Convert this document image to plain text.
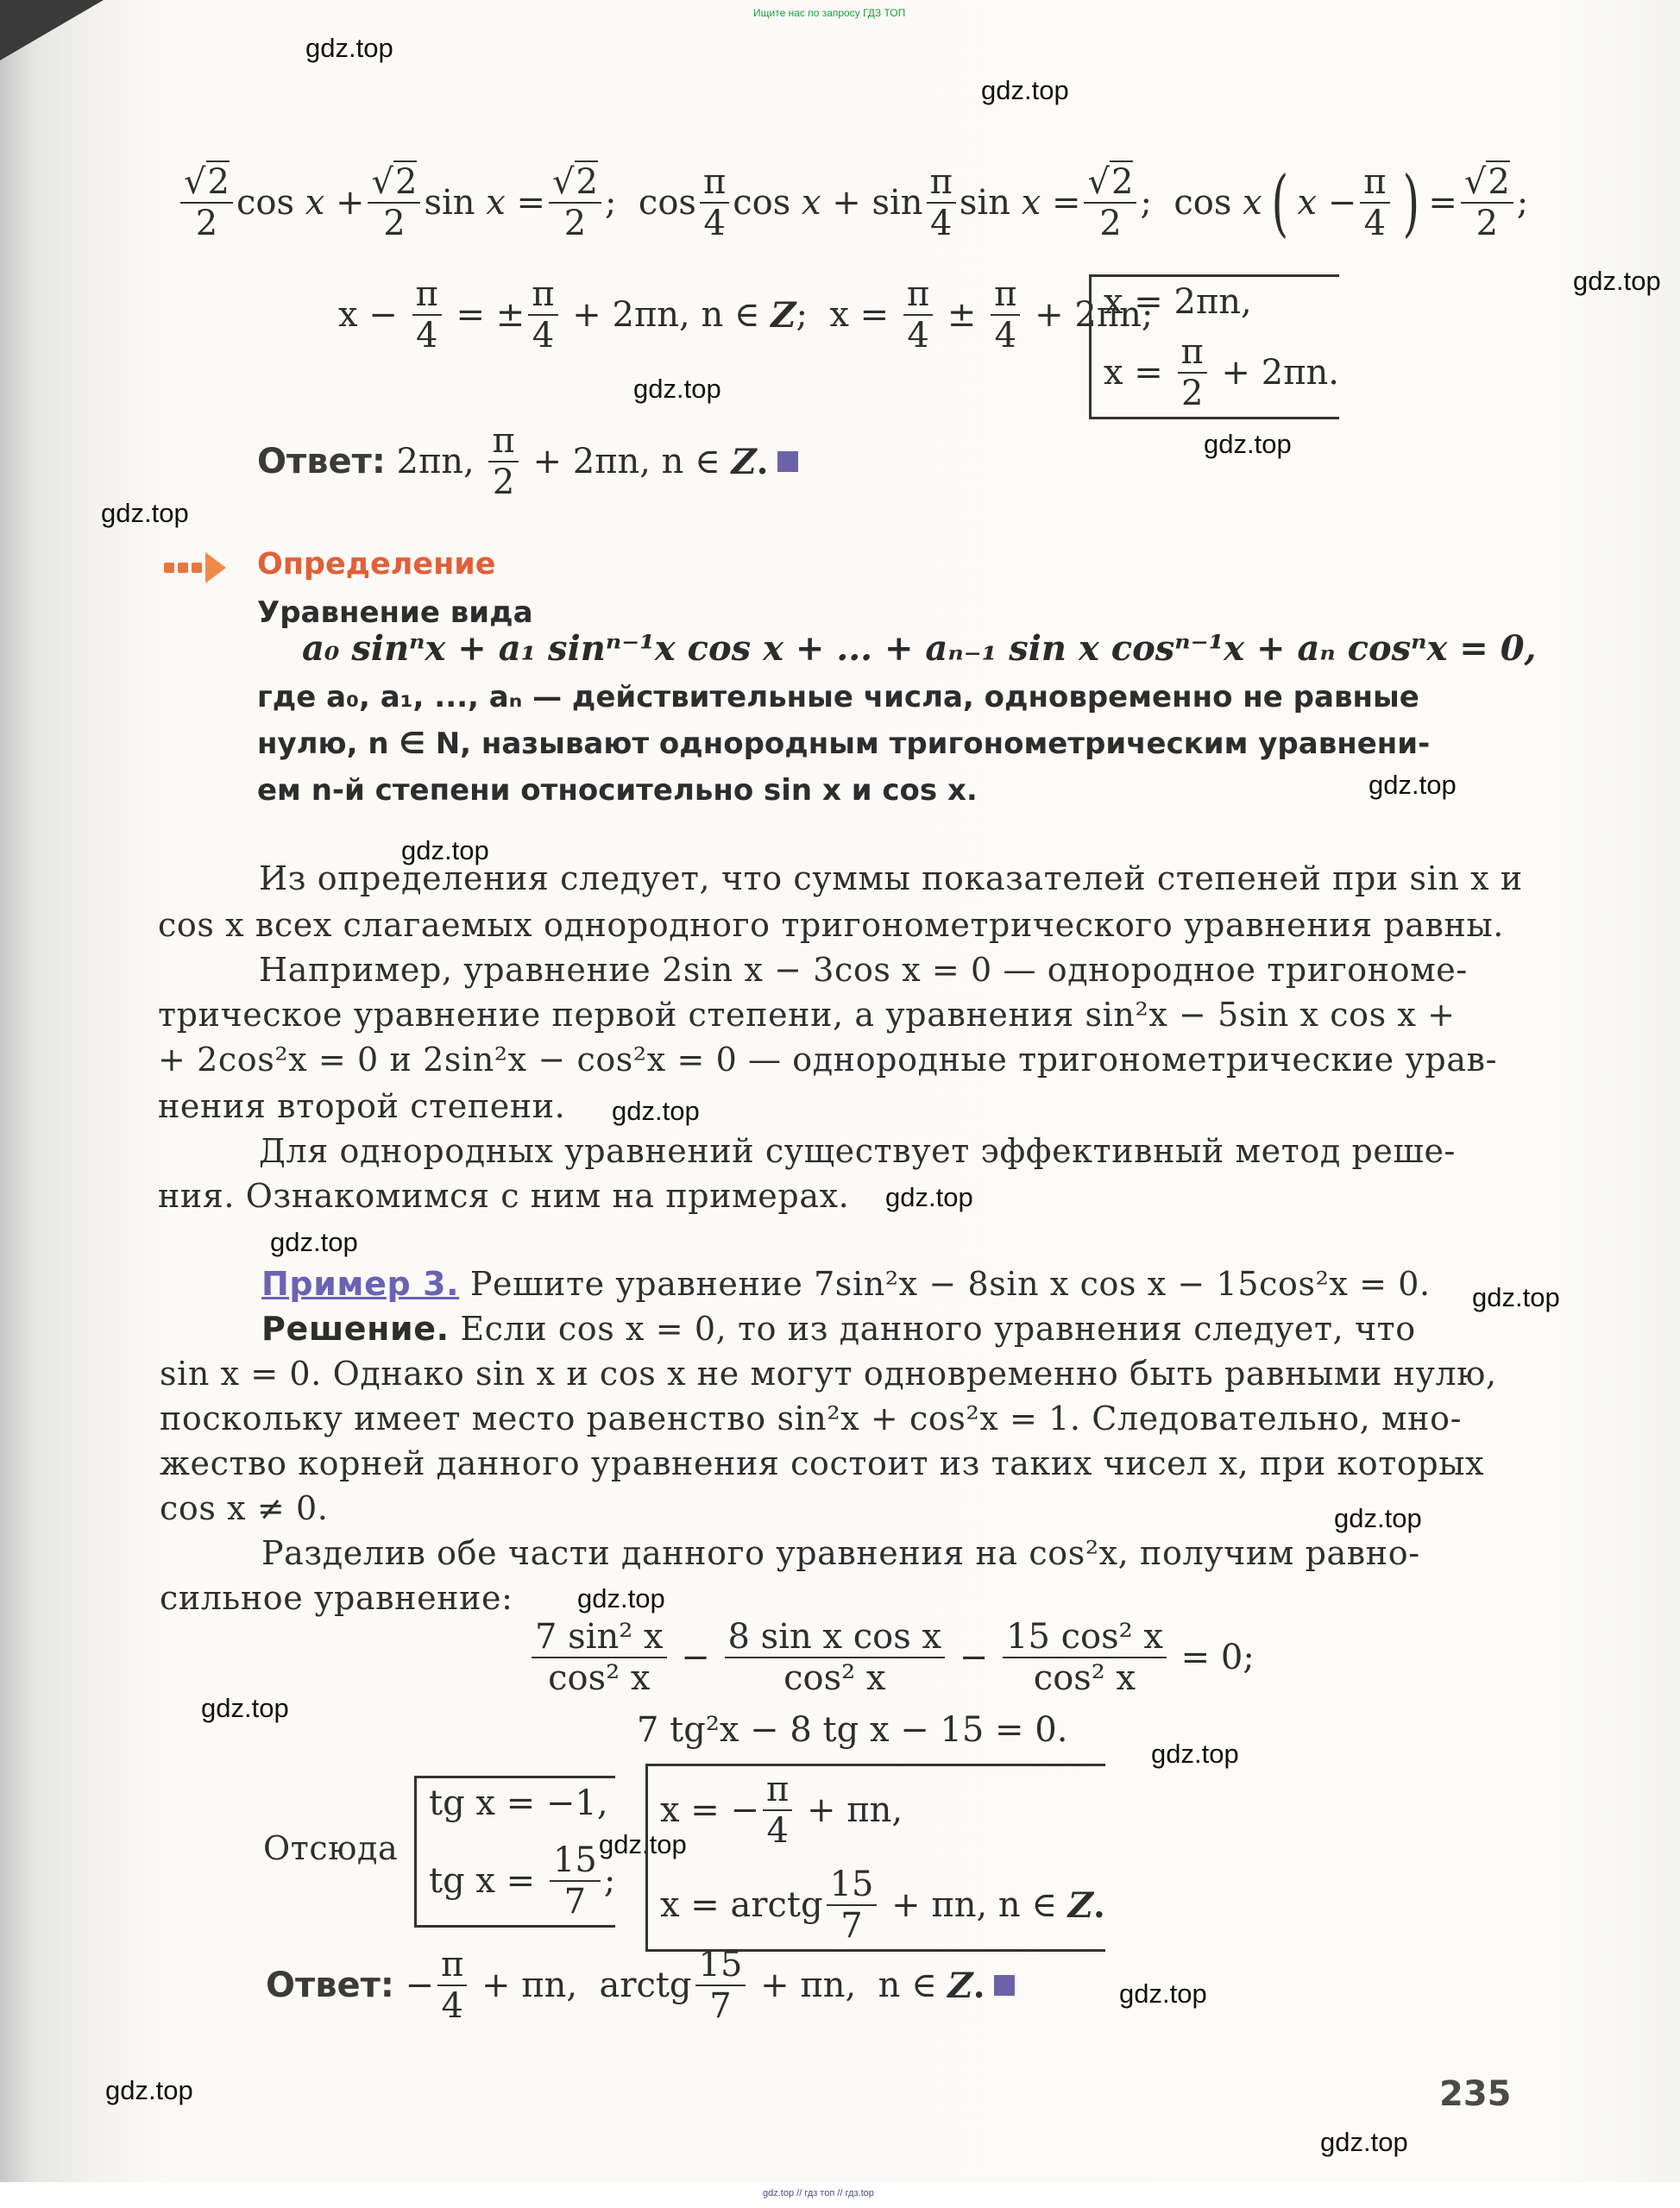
Ищите нас по запросу ГДЗ ТОП
gdz.top
gdz.top
gdz.top
gdz.top
gdz.top
gdz.top
gdz.top
gdz.top
gdz.top
gdz.top
gdz.top
gdz.top
gdz.top
gdz.top
gdz.top
gdz.top
gdz.top
gdz.top
gdz.top
gdz.top
√ $\frac{2}{2}$ cos
x
+ √ $\frac{2}{2}$ sin
x
= √ $\frac{2}{2}$ ;
$\cos \frac{\pi}{4}$ cos
x
+
$\sin \frac{\pi}{4}$ sin
x
= √ $\frac{2}{2}$ ;
cos
x ( x
− $\frac{\pi}{4}$ ) = √ $\frac{2}{2}$ ;
$x - \frac{\pi}{4}$ = ± $\frac{\pi}{4} + 2\pi n$, n ∈ Z ;  $x = \frac{\pi}{4} \pm \frac{\pi}{4} + 2\pi n$;
x = 2πn,
$x = \frac{\pi}{2} + 2\pi n$.
Ответ:
2πn, $\frac{\pi}{2} + 2\pi n$, n ∈ Z .
Определение
Уравнение вида
a₀ sinⁿx + a₁ sinⁿ⁻¹x cos x + ... + aₙ₋₁ sin x cosⁿ⁻¹x + aₙ cosⁿx = 0,
где a₀, a₁, ..., aₙ — действительные числа, одновременно не равные
нулю, n ∈ N, называют однородным тригонометрическим уравнени-
ем n-й степени относительно sin x и cos x.
Из определения следует, что суммы показателей степеней при sin x и
cos x всех слагаемых однородного тригонометрического уравнения равны.
Например, уравнение 2sin x − 3cos x = 0 — однородное тригономе-
трическое уравнение первой степени, а уравнения sin²x − 5sin x cos x +
+ 2cos²x = 0 и 2sin²x − cos²x = 0 — однородные тригонометрические урав-
нения второй степени.
Для однородных уравнений существует эффективный метод реше-
ния. Ознакомимся с ним на примерах.
Пример 3. Решите уравнение 7sin²x − 8sin x cos x − 15cos²x = 0.
Решение. Если cos x = 0, то из данного уравнения следует, что
sin x = 0. Однако sin x и cos x не могут одновременно быть равными нулю,
поскольку имеет место равенство sin²x + cos²x = 1. Следовательно, мно-
жество корней данного уравнения состоит из таких чисел x, при которых
cos x ≠ 0.
Разделив обе части данного уравнения на cos²x, получим равно-
сильное уравнение:
$\frac{\text{7 sin² x}}{\text{cos² x}} - \frac{\text{8 sin x cos x}}{\text{cos² x}} - \frac{\text{15 cos² x}}{\text{cos² x}} = 0$;
7 tg²x − 8 tg x − 15 = 0.
Отсюда
tg x = −1,
tg $x = \frac{15}{7}$ ;
x = − $\frac{\pi}{4} + \pi n$,
x = arctg $\frac{15}{7} + \pi n$, n ∈ Z .
Ответ: − $\frac{\pi}{4} + \pi n$,  arctg $\frac{15}{7} + \pi n$,  n ∈ Z .
235
gdz.top // гдз топ // гдз.top
